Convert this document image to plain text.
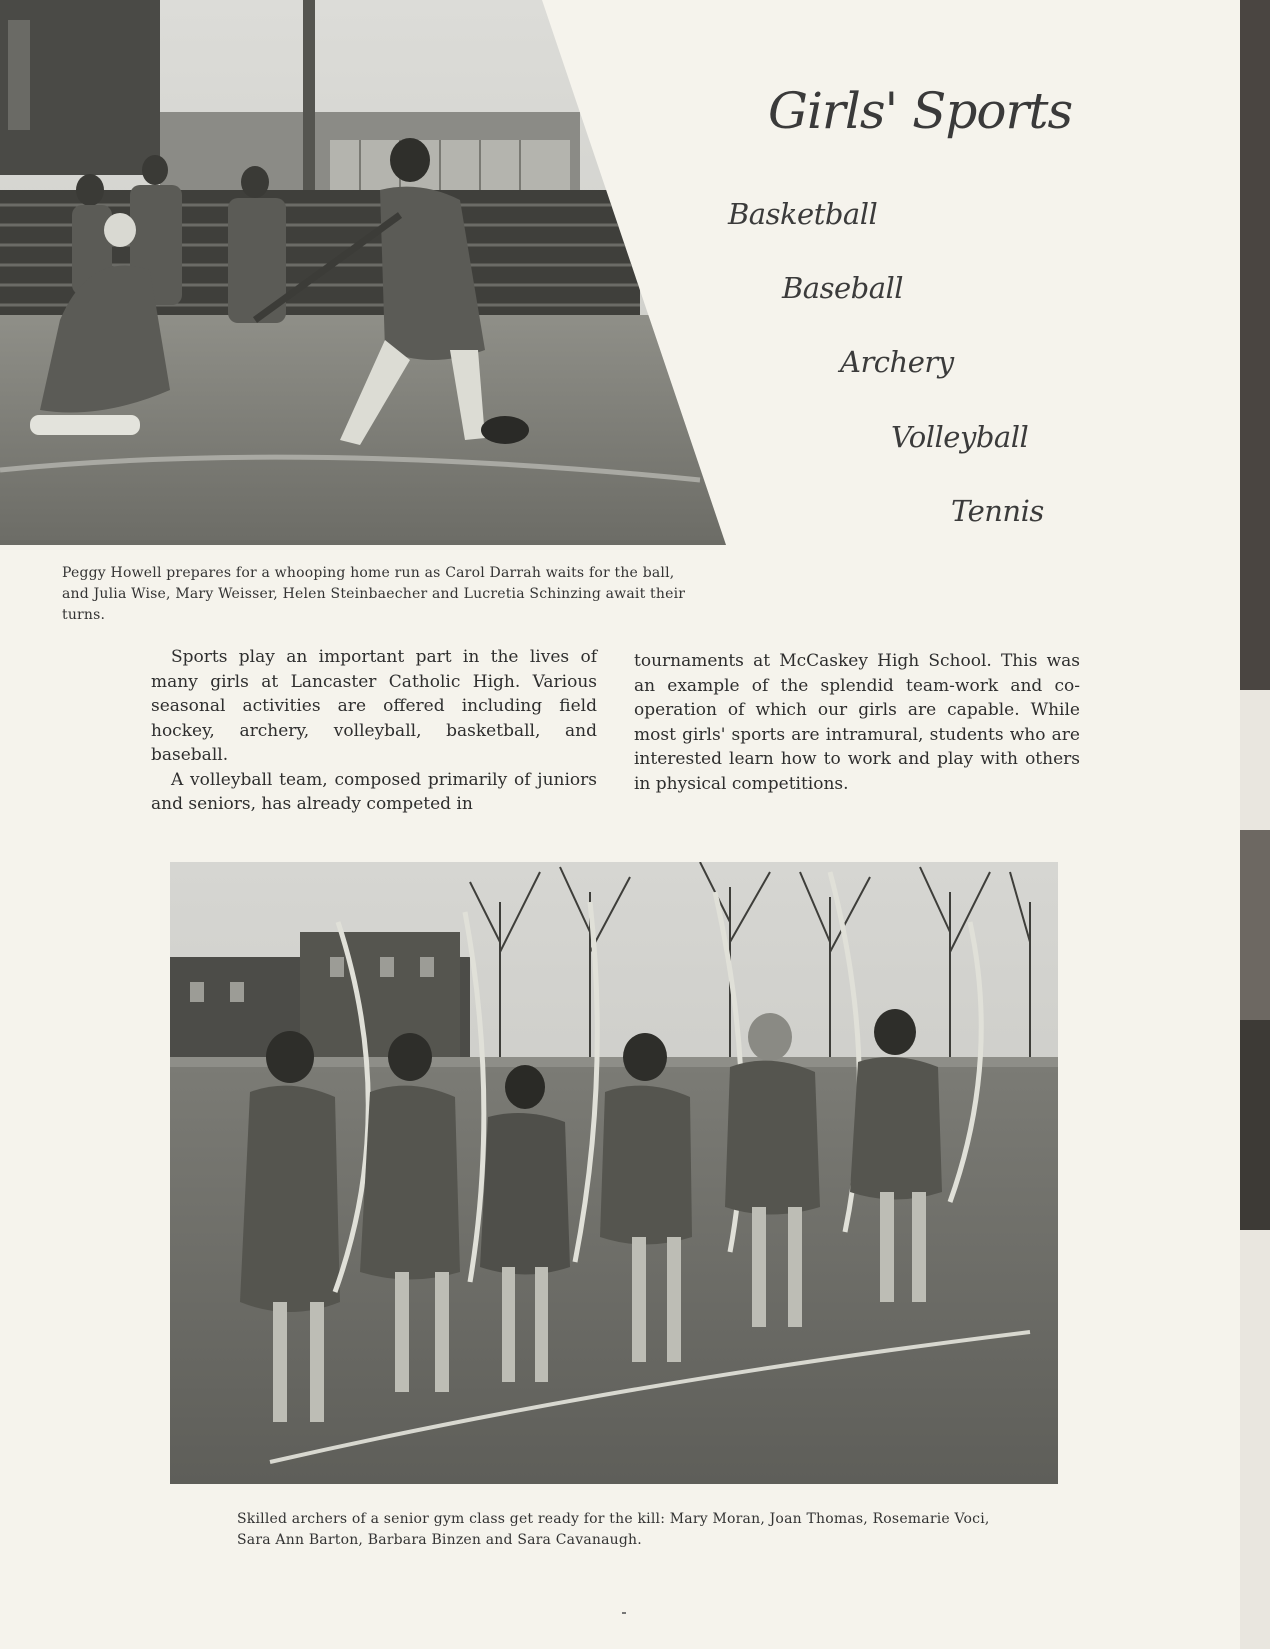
Peggy Howell prepares for a whooping home run as Carol Darrah waits for the ball, and Julia Wise, Mary Weisser, Helen Steinbaecher and Lucretia Schinzing await their turns.
Girls' Sports
Basketball
Baseball
Archery
Volleyball
Tennis

Sports play an important part in the lives of many girls at Lancaster Catholic High. Various seasonal activities are offered including field hockey, archery, volleyball, basketball, and baseball.

A volleyball team, composed primarily of juniors and seniors, has already competed in

tournaments at McCaskey High School. This was an example of the splendid team-work and co-operation of which our girls are capable. While most girls' sports are intramural, students who are interested learn how to work and play with others in physical competitions.

Skilled archers of a senior gym class get ready for the kill: Mary Moran, Joan Thomas, Rosemarie Voci, Sara Ann Barton, Barbara Binzen and Sara Cavanaugh.
